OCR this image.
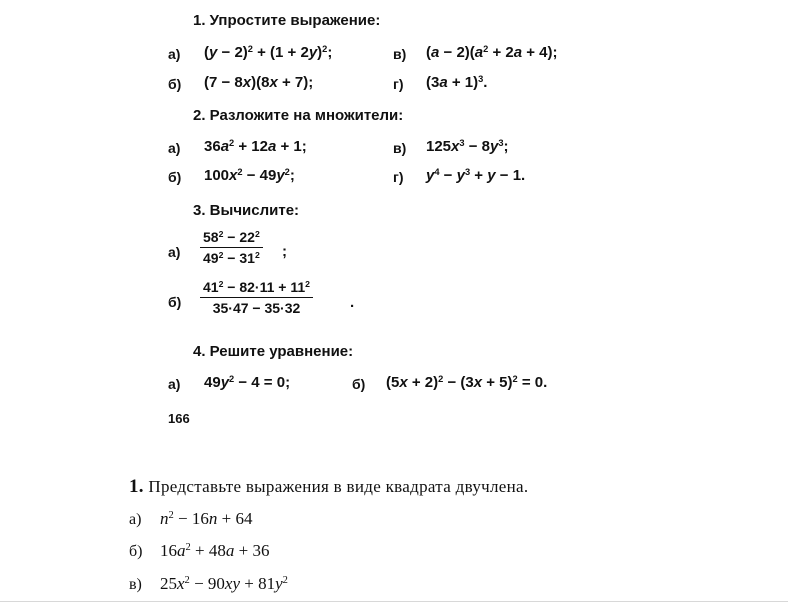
1. Упростите выражение:
а) $(y - 2)^2 + (1 + 2y)^2$;	в) $(a - 2)(a^2 + 2a + 4)$;
б) (7 − 8x)(8x + 7);	г) $(3a + 1)^3$.
2. Разложите на множители:
а) $36a^2 + 12a + 1$;	в) $125x^3 - 8y^3$;
б) $100x^2 - 49y^2$;	г) $y^4 - y^3 + y - 1$.
3. Вычислите:
$а) \frac{58^2 - 22^2}{49^2 - 31^2}$ ;
$б) \frac{41^2 - 82\cdot 11 + 11^2}{35\cdot 47 - 35\cdot 32}$ .
4. Решите уравнение:
а) $49y^2 - 4 = 0$;	б) $(5x + 2)^2 - (3x + 5)^2 = 0$.
166
1. Представьте выражения в виде квадрата двучлена.
а) $n^2 - 16n + 64$
б) $16a^2 + 48a + 36$
в) $25x^2 - 90xy + 81y^2$
